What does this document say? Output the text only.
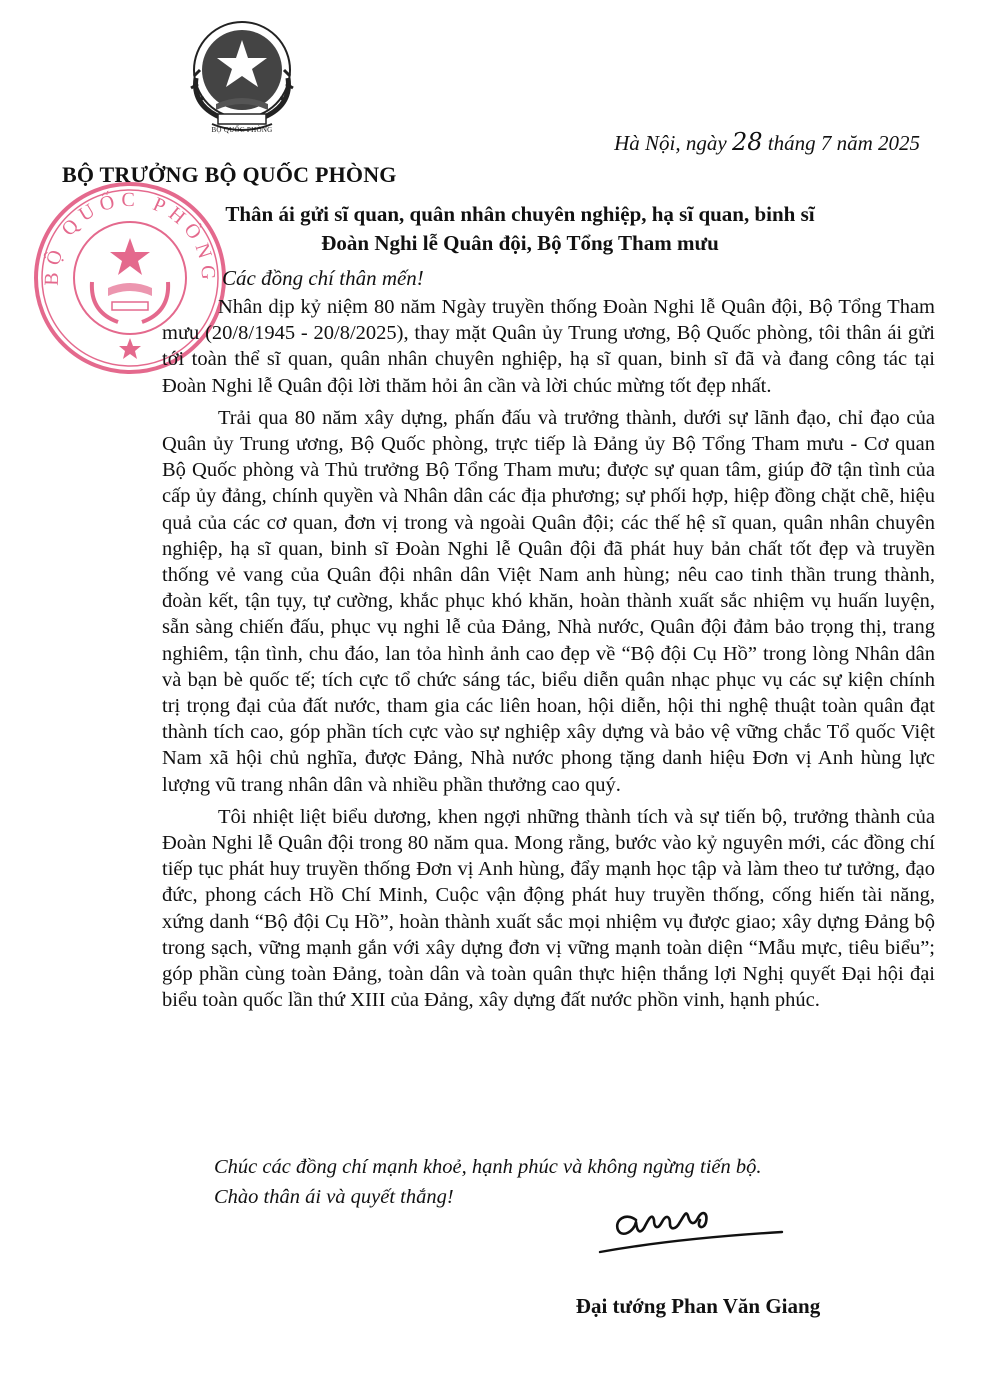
BỘ QUỐC PHÒNG
Hà Nội, ngày 28 tháng 7 năm 2025
BỘ TRƯỞNG BỘ QUỐC PHÒNG
BỘ QUỐC PHÒNG
Thân ái gửi sĩ quan, quân nhân chuyên nghiệp, hạ sĩ quan, binh sĩ
Đoàn Nghi lễ Quân đội, Bộ Tổng Tham mưu
Các đồng chí thân mến!

Nhân dịp kỷ niệm 80 năm Ngày truyền thống Đoàn Nghi lễ Quân đội, Bộ Tổng Tham mưu (20/8/1945 - 20/8/2025), thay mặt Quân ủy Trung ương, Bộ Quốc phòng, tôi thân ái gửi tới toàn thể sĩ quan, quân nhân chuyên nghiệp, hạ sĩ quan, binh sĩ đã và đang công tác tại Đoàn Nghi lễ Quân đội lời thăm hỏi ân cần và lời chúc mừng tốt đẹp nhất.

Trải qua 80 năm xây dựng, phấn đấu và trưởng thành, dưới sự lãnh đạo, chỉ đạo của Quân ủy Trung ương, Bộ Quốc phòng, trực tiếp là Đảng ủy Bộ Tổng Tham mưu - Cơ quan Bộ Quốc phòng và Thủ trưởng Bộ Tổng Tham mưu; được sự quan tâm, giúp đỡ tận tình của cấp ủy đảng, chính quyền và Nhân dân các địa phương; sự phối hợp, hiệp đồng chặt chẽ, hiệu quả của các cơ quan, đơn vị trong và ngoài Quân đội; các thế hệ sĩ quan, quân nhân chuyên nghiệp, hạ sĩ quan, binh sĩ Đoàn Nghi lễ Quân đội đã phát huy bản chất tốt đẹp và truyền thống vẻ vang của Quân đội nhân dân Việt Nam anh hùng; nêu cao tinh thần trung thành, đoàn kết, tận tụy, tự cường, khắc phục khó khăn, hoàn thành xuất sắc nhiệm vụ huấn luyện, sẵn sàng chiến đấu, phục vụ nghi lễ của Đảng, Nhà nước, Quân đội đảm bảo trọng thị, trang nghiêm, tận tình, chu đáo, lan tỏa hình ảnh cao đẹp về “Bộ đội Cụ Hồ” trong lòng Nhân dân và bạn bè quốc tế; tích cực tổ chức sáng tác, biểu diễn quân nhạc phục vụ các sự kiện chính trị trọng đại của đất nước, tham gia các liên hoan, hội diễn, hội thi nghệ thuật toàn quân đạt thành tích cao, góp phần tích cực vào sự nghiệp xây dựng và bảo vệ vững chắc Tổ quốc Việt Nam xã hội chủ nghĩa, được Đảng, Nhà nước phong tặng danh hiệu Đơn vị Anh hùng lực lượng vũ trang nhân dân và nhiều phần thưởng cao quý.

Tôi nhiệt liệt biểu dương, khen ngợi những thành tích và sự tiến bộ, trưởng thành của Đoàn Nghi lễ Quân đội trong 80 năm qua. Mong rằng, bước vào kỷ nguyên mới, các đồng chí tiếp tục phát huy truyền thống Đơn vị Anh hùng, đẩy mạnh học tập và làm theo tư tưởng, đạo đức, phong cách Hồ Chí Minh, Cuộc vận động phát huy truyền thống, cống hiến tài năng, xứng danh “Bộ đội Cụ Hồ”, hoàn thành xuất sắc mọi nhiệm vụ được giao; xây dựng Đảng bộ trong sạch, vững mạnh gắn với xây dựng đơn vị vững mạnh toàn diện “Mẫu mực, tiêu biểu”; góp phần cùng toàn Đảng, toàn dân và toàn quân thực hiện thắng lợi Nghị quyết Đại hội đại biểu toàn quốc lần thứ XIII của Đảng, xây dựng đất nước phồn vinh, hạnh phúc.

Chúc các đồng chí mạnh khoẻ, hạnh phúc và không ngừng tiến bộ.
Chào thân ái và quyết thắng!
Đại tướng Phan Văn Giang
